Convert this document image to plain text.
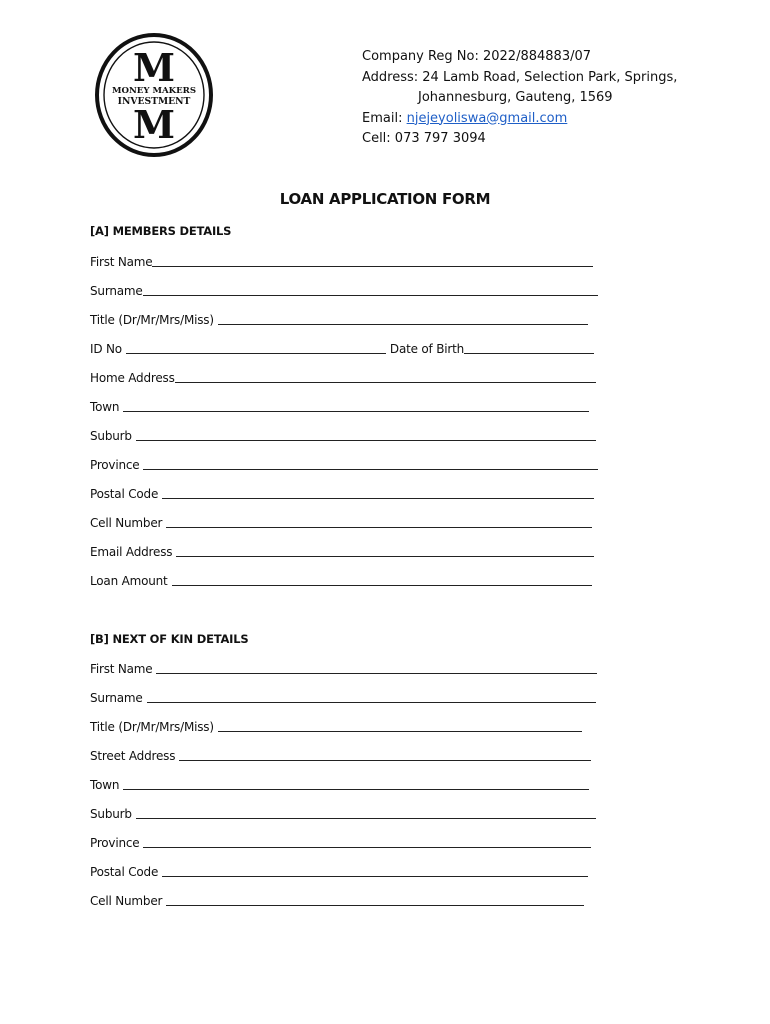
M
MONEY MAKERS
INVESTMENT
M
Company Reg No: 2022/884883/07
Address: 24 Lamb Road, Selection Park, Springs,
Johannesburg, Gauteng, 1569
Email: njejeyoliswa@gmail.com
Cell: 073 797 3094
LOAN APPLICATION FORM
[A] MEMBERS DETAILS
First Name
Surname
Title (Dr/Mr/Mrs/Miss)
ID No	Date of Birth
Home Address
Town
Suburb
Province
Postal Code
Cell Number
Email Address
Loan Amount
[B] NEXT OF KIN DETAILS
First Name
Surname
Title (Dr/Mr/Mrs/Miss)
Street Address
Town
Suburb
Province
Postal Code
Cell Number
